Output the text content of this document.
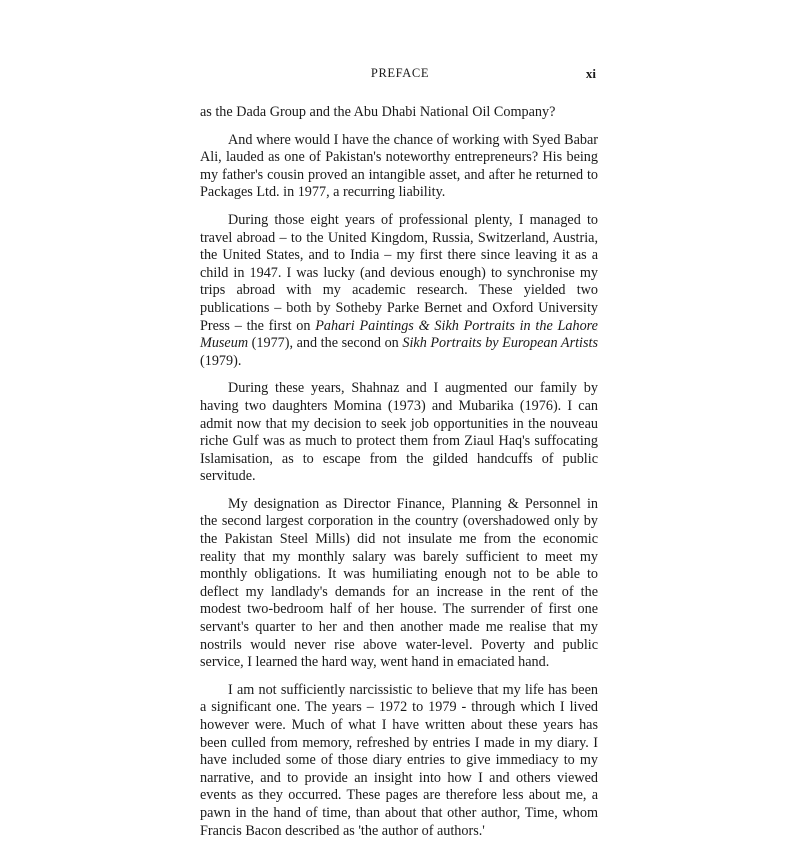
PREFACE	xi

as the Dada Group and the Abu Dhabi National Oil Company?

And where would I have the chance of working with Syed Babar Ali, lauded as one of Pakistan's noteworthy entrepreneurs? His being my father's cousin proved an intangible asset, and after he returned to Packages Ltd. in 1977, a recurring liability.

During those eight years of professional plenty, I managed to travel abroad – to the United Kingdom, Russia, Switzerland, Austria, the United States, and to India – my first there since leaving it as a child in 1947. I was lucky (and devious enough) to synchronise my trips abroad with my academic research. These yielded two publications – both by Sotheby Parke Bernet and Oxford University Press – the first on Pahari Paintings & Sikh Portraits in the Lahore Museum (1977), and the second on Sikh Portraits by European Artists (1979).

During these years, Shahnaz and I augmented our family by having two daughters Momina (1973) and Mubarika (1976). I can admit now that my decision to seek job opportunities in the nouveau riche Gulf was as much to protect them from Ziaul Haq's suffocating Islamisation, as to escape from the gilded handcuffs of public servitude.

My designation as Director Finance, Planning & Personnel in the second largest corporation in the country (overshadowed only by the Pakistan Steel Mills) did not insulate me from the economic reality that my monthly salary was barely sufficient to meet my monthly obligations. It was humiliating enough not to be able to deflect my landlady's demands for an increase in the rent of the modest two-bedroom half of her house. The surrender of first one servant's quarter to her and then another made me realise that my nostrils would never rise above water-level. Poverty and public service, I learned the hard way, went hand in emaciated hand.

I am not sufficiently narcissistic to believe that my life has been a significant one. The years – 1972 to 1979 - through which I lived however were. Much of what I have written about these years has been culled from memory, refreshed by entries I made in my diary. I have included some of those diary entries to give immediacy to my narrative, and to provide an insight into how I and others viewed events as they occurred. These pages are therefore less about me, a pawn in the hand of time, than about that other author, Time, whom Francis Bacon described as 'the author of authors.'
